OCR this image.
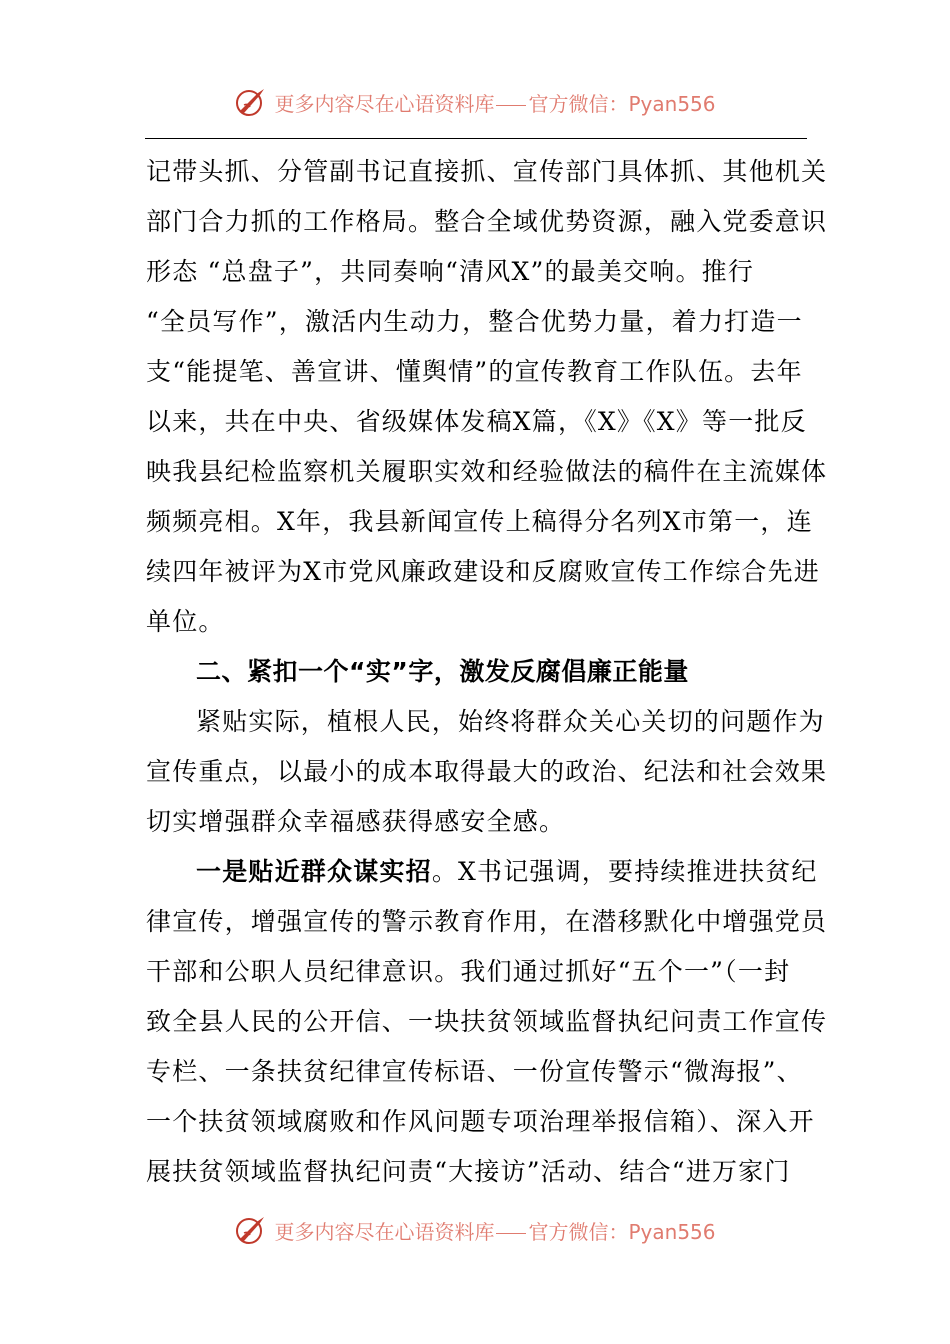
更多内容尽在心语资料库 官方微信：Pyan556
记带头抓、分管副书记直接抓、宣传部门具体抓、其他机关
部门合力抓的工作格局。整合全域优势资源，融入党委意识
形态 “总盘子”，共同奏响“清风X”的最美交响。推行
“全员写作”，激活内生动力，整合优势力量，着力打造一
支“能提笔、善宣讲、懂舆情”的宣传教育工作队伍。去年
以来，共在中央、省级媒体发稿X篇，《X》《X》等一批反
映我县纪检监察机关履职实效和经验做法的稿件在主流媒体
频频亮相。X年，我县新闻宣传上稿得分名列X市第一，连
续四年被评为X市党风廉政建设和反腐败宣传工作综合先进
单位。
二、紧扣一个“实”字，激发反腐倡廉正能量
紧贴实际，植根人民，始终将群众关心关切的问题作为
宣传重点，以最小的成本取得最大的政治、纪法和社会效果
切实增强群众幸福感获得感安全感。
一是贴近群众谋实招。X书记强调，要持续推进扶贫纪
律宣传，增强宣传的警示教育作用，在潜移默化中增强党员
干部和公职人员纪律意识。我们通过抓好“五个一”（一封
致全县人民的公开信、一块扶贫领域监督执纪问责工作宣传
专栏、一条扶贫纪律宣传标语、一份宣传警示“微海报”、
一个扶贫领域腐败和作风问题专项治理举报信箱）、深入开
展扶贫领域监督执纪问责“大接访”活动、结合“进万家门
更多内容尽在心语资料库 官方微信：Pyan556
